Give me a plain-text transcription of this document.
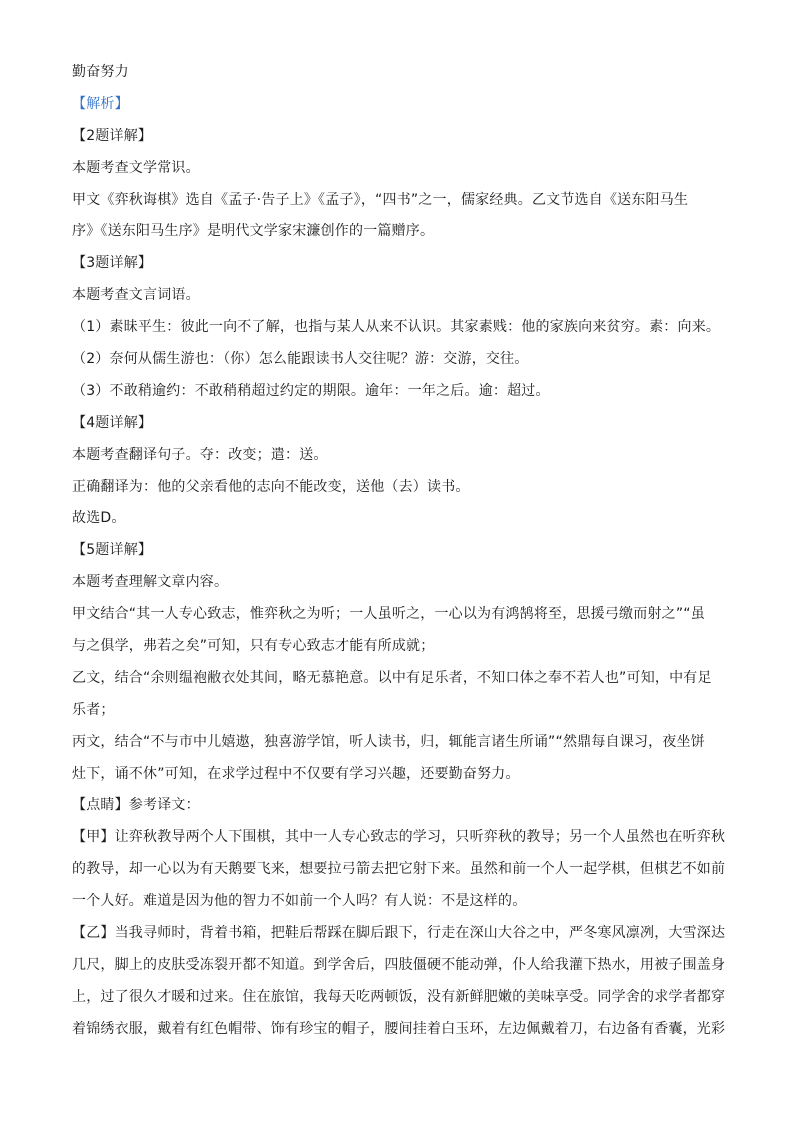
勤奋努力
【解析】
【2题详解】
本题考查文学常识。
甲文《弈秋诲棋》选自《孟子·告子上》《孟子》，“四书”之一，儒家经典。乙文节选自《送东阳马生
序》《送东阳马生序》是明代文学家宋濂创作的一篇赠序。
【3题详解】
本题考查文言词语。
（1）素昧平生：彼此一向不了解，也指与某人从来不认识。其家素贱：他的家族向来贫穷。素：向来。
（2）奈何从儒生游也：（你）怎么能跟读书人交往呢？游：交游，交往。
（3）不敢稍逾约：不敢稍稍超过约定的期限。逾年：一年之后。逾：超过。
【4题详解】
本题考查翻译句子。夺：改变；遣：送。
正确翻译为：他的父亲看他的志向不能改变，送他（去）读书。
故选D。
【5题详解】
本题考查理解文章内容。
甲文结合“其一人专心致志，惟弈秋之为听；一人虽听之，一心以为有鸿鹄将至，思援弓缴而射之”“虽
与之俱学，弗若之矣”可知，只有专心致志才能有所成就；
乙文，结合“余则缊袍敝衣处其间，略无慕艳意。以中有足乐者，不知口体之奉不若人也”可知，中有足
乐者；
丙文，结合“不与市中儿嬉遨，独喜游学馆，听人读书，归，辄能言诸生所诵”“然鼎每自课习，夜坐饼
灶下，诵不休”可知，在求学过程中不仅要有学习兴趣，还要勤奋努力。
【点睛】参考译文：
【甲】让弈秋教导两个人下围棋，其中一人专心致志的学习，只听弈秋的教导；另一个人虽然也在听弈秋
的教导，却一心以为有天鹅要飞来，想要拉弓箭去把它射下来。虽然和前一个人一起学棋，但棋艺不如前
一个人好。难道是因为他的智力不如前一个人吗？有人说：不是这样的。
【乙】当我寻师时，背着书箱，把鞋后帮踩在脚后跟下，行走在深山大谷之中，严冬寒风凛冽，大雪深达
几尺，脚上的皮肤受冻裂开都不知道。到学舍后，四肢僵硬不能动弹，仆人给我灌下热水，用被子围盖身
上，过了很久才暖和过来。住在旅馆，我每天吃两顿饭，没有新鲜肥嫩的美味享受。同学舍的求学者都穿
着锦绣衣服，戴着有红色帽带、饰有珍宝的帽子，腰间挂着白玉环，左边佩戴着刀，右边备有香囊，光彩
